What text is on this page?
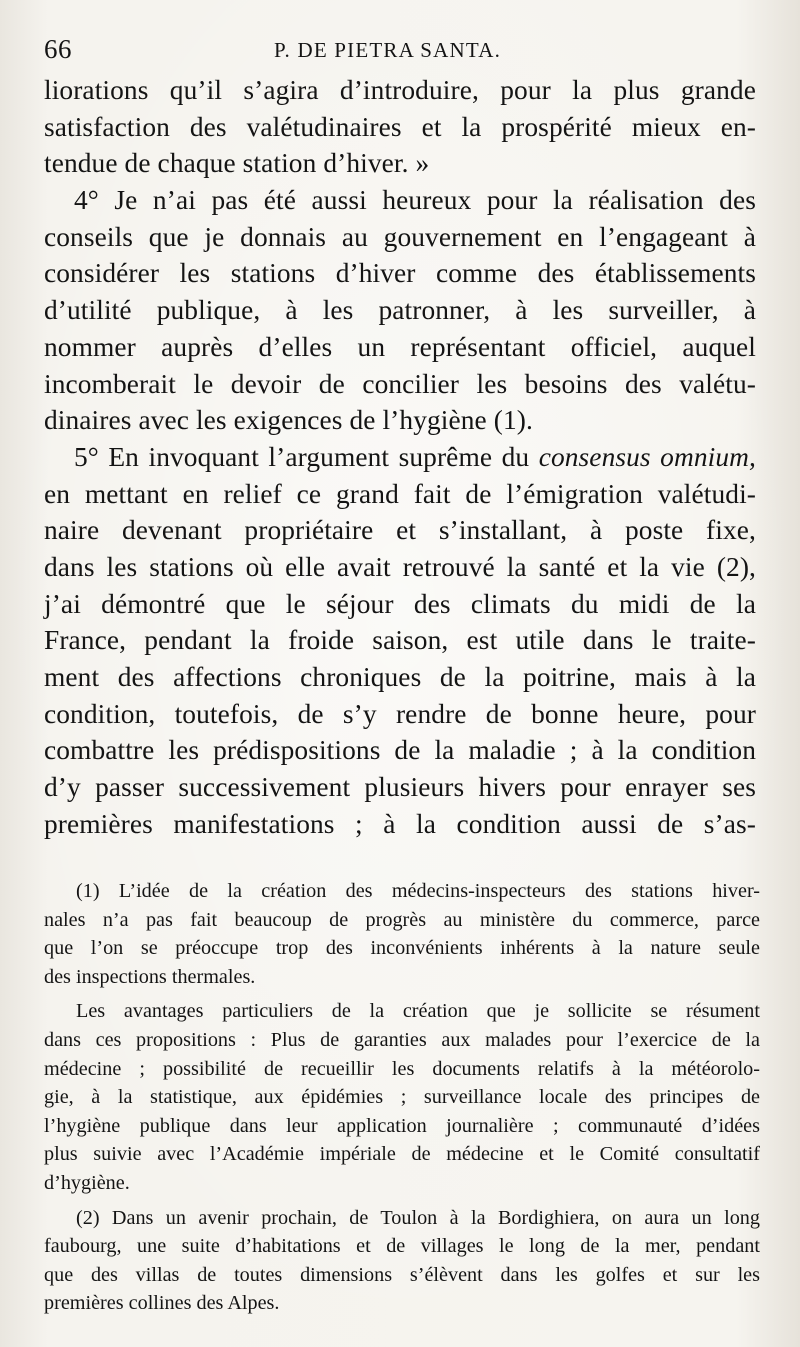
66	P. DE PIETRA SANTA.
liorations qu’il s’agira d’introduire, pour la plus grande
satisfaction des valétudinaires et la prospérité mieux en-
tendue de chaque station d’hiver. »
4° Je n’ai pas été aussi heureux pour la réalisation des
conseils que je donnais au gouvernement en l’engageant à
considérer les stations d’hiver comme des établissements
d’utilité publique, à les patronner, à les surveiller, à
nommer auprès d’elles un représentant officiel, auquel
incomberait le devoir de concilier les besoins des valétu-
dinaires avec les exigences de l’hygiène (1).
5° En invoquant l’argument suprême du consensus omnium,
en mettant en relief ce grand fait de l’émigration valétudi-
naire devenant propriétaire et s’installant, à poste fixe,
dans les stations où elle avait retrouvé la santé et la vie (2),
j’ai démontré que le séjour des climats du midi de la
France, pendant la froide saison, est utile dans le traite-
ment des affections chroniques de la poitrine, mais à la
condition, toutefois, de s’y rendre de bonne heure, pour
combattre les prédispositions de la maladie ; à la condition
d’y passer successivement plusieurs hivers pour enrayer ses
premières manifestations ; à la condition aussi de s’as-
(1) L’idée de la création des médecins-inspecteurs des stations hiver-
nales n’a pas fait beaucoup de progrès au ministère du commerce, parce
que l’on se préoccupe trop des inconvénients inhérents à la nature seule
des inspections thermales.
Les avantages particuliers de la création que je sollicite se résument
dans ces propositions : Plus de garanties aux malades pour l’exercice de la
médecine ; possibilité de recueillir les documents relatifs à la météorolo-
gie, à la statistique, aux épidémies ; surveillance locale des principes de
l’hygiène publique dans leur application journalière ; communauté d’idées
plus suivie avec l’Académie impériale de médecine et le Comité consultatif
d’hygiène.
(2) Dans un avenir prochain, de Toulon à la Bordighiera, on aura un long
faubourg, une suite d’habitations et de villages le long de la mer, pendant
que des villas de toutes dimensions s’élèvent dans les golfes et sur les
premières collines des Alpes.
